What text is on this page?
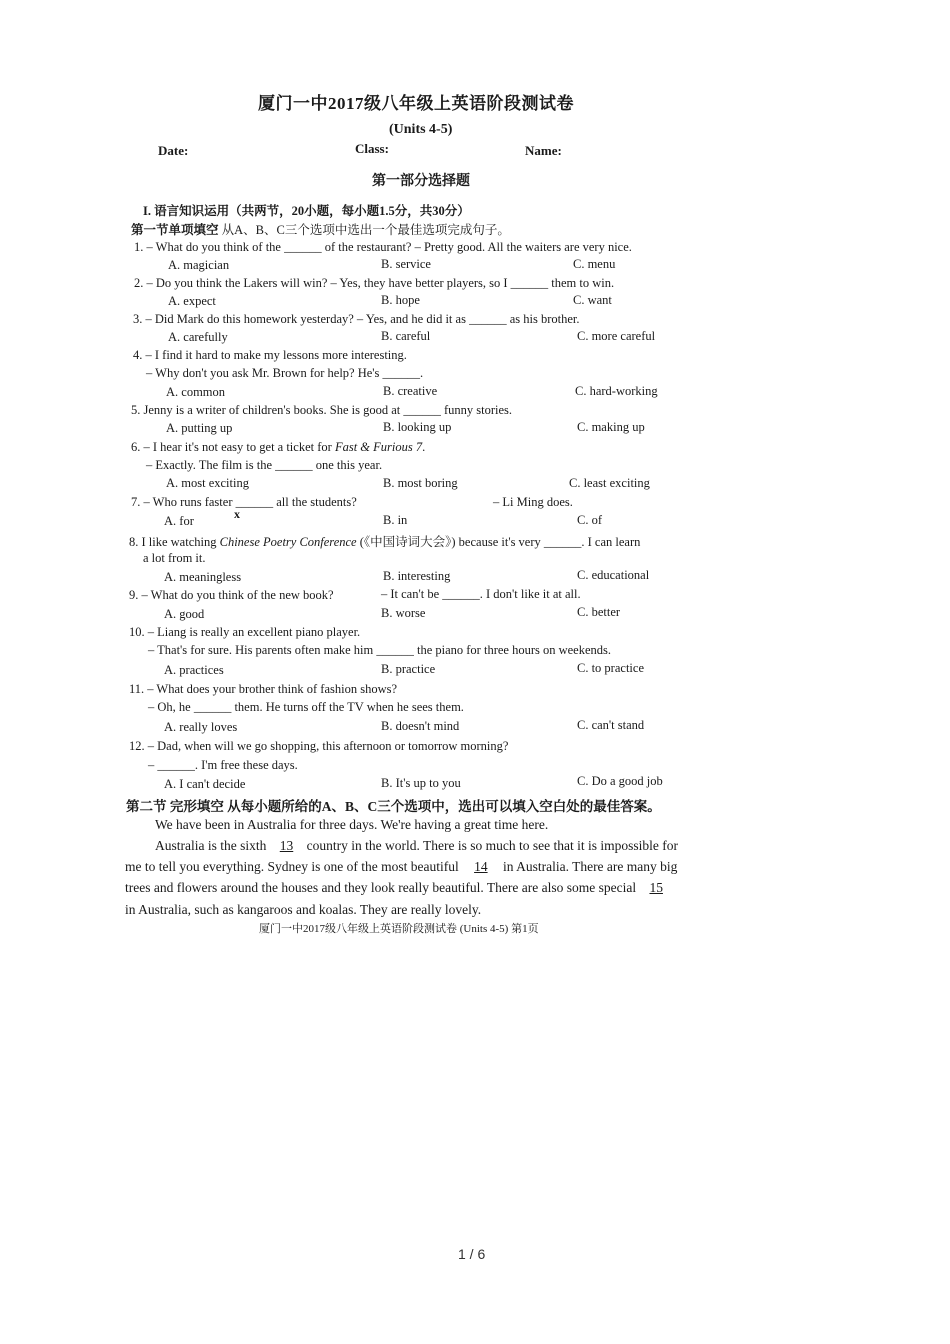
厦门一中2017级八年级上英语阶段测试卷
(Units 4-5)
Date:	Class:	Name:
第一部分选择题
I. 语言知识运用（共两节，20小题，每小题1.5分，共30分）
第一节单项填空 从A、B、C三个选项中选出一个最佳选项完成句子。
1. – What do you think of the ______ of the restaurant? – Pretty good. All the waiters are very nice.
A. magician	B. service	C. menu
2. – Do you think the Lakers will win? – Yes, they have better players, so I ______ them to win.
A. expect	B. hope	C. want
3. – Did Mark do this homework yesterday? – Yes, and he did it as ______ as his brother.
A. carefully	B. careful	C. more careful
4. – I find it hard to make my lessons more interesting.
– Why don't you ask Mr. Brown for help? He's ______.
A. common	B. creative	C. hard-working
5. Jenny is a writer of children's books. She is good at ______ funny stories.
A. putting up	B. looking up	C. making up
6. – I hear it's not easy to get a ticket for Fast & Furious 7.
– Exactly. The film is the ______ one this year.
A. most exciting	B. most boring	C. least exciting
7. – Who runs faster ______ all the students?	– Li Ming does.
A. for	x	B. in	C. of
8. I like watching Chinese Poetry Conference (《中国诗词大会》) because it's very ______. I can learn
a lot from it.
A. meaningless	B. interesting	C. educational
9. – What do you think of the new book?	– It can't be ______. I don't like it at all.
A. good	B. worse	C. better
10. – Liang is really an excellent piano player.
– That's for sure. His parents often make him ______ the piano for three hours on weekends.
A. practices	B. practice	C. to practice
11. – What does your brother think of fashion shows?
– Oh, he ______ them. He turns off the TV when he sees them.
A. really loves	B. doesn't mind	C. can't stand
12. – Dad, when will we go shopping, this afternoon or tomorrow morning?
– ______. I'm free these days.
A. I can't decide	B. It's up to you	C. Do a good job
第二节 完形填空 从每小题所给的A、B、C三个选项中，选出可以填入空白处的最佳答案。
We have been in Australia for three days. We're having a great time here.
Australia is the sixth 13 country in the world. There is so much to see that it is impossible for
me to tell you everything. Sydney is one of the most beautiful 14 in Australia. There are many big
trees and flowers around the houses and they look really beautiful. There are also some special 15
in Australia, such as kangaroos and koalas. They are really lovely.
厦门一中2017级八年级上英语阶段测试卷 (Units 4-5) 第1页
1 / 6
